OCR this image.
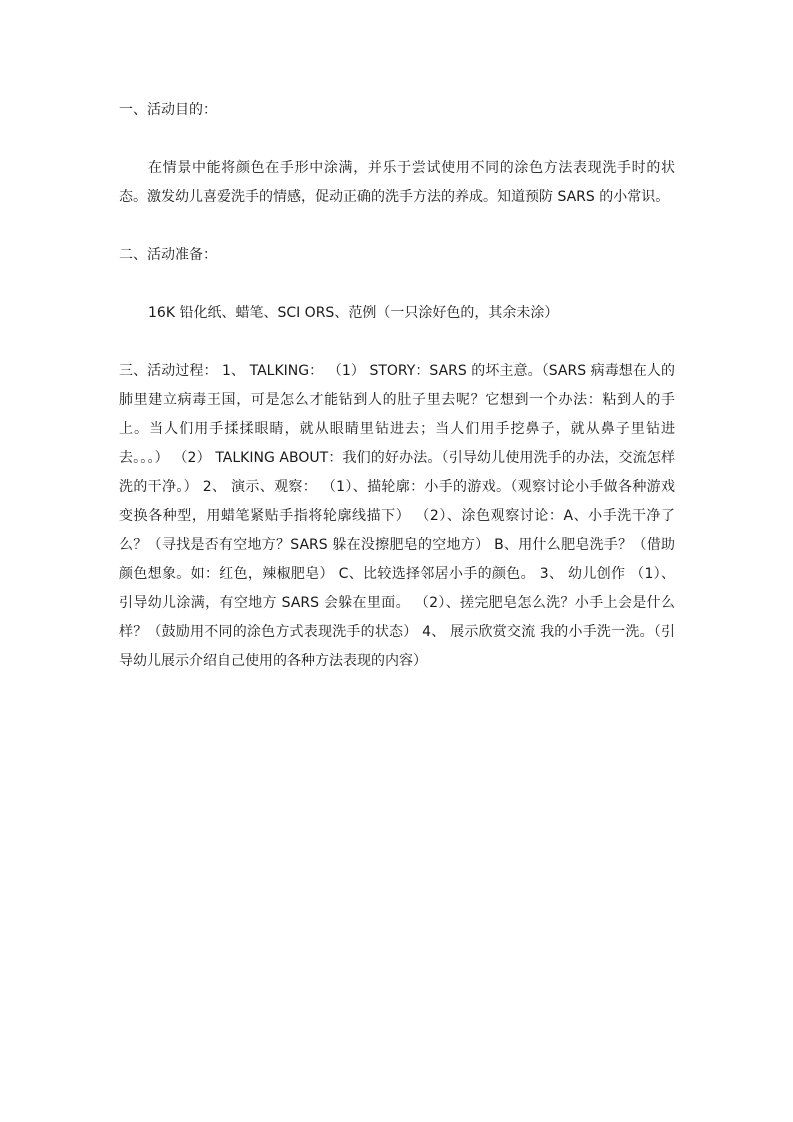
一、活动目的：

在情景中能将颜色在手形中涂满，并乐于尝试使用不同的涂色方法表现洗手时的状态。激发幼儿喜爱洗手的情感，促动正确的洗手方法的养成。知道预防 SARS 的小常识。

二、活动准备：

16K 铅化纸、蜡笔、SCI ORS、范例（一只涂好色的，其余未涂）

三、活动过程： 1、 TALKING： （1） STORY：SARS 的坏主意。（SARS 病毒想在人的肺里建立病毒王国，可是怎么才能钻到人的肚子里去呢？它想到一个办法：粘到人的手上。当人们用手揉揉眼睛，就从眼睛里钻进去；当人们用手挖鼻子，就从鼻子里钻进去。。。） （2） TALKING ABOUT：我们的好办法。（引导幼儿使用洗手的办法，交流怎样洗的干净。） 2、 演示、观察： （1）、描轮廓：小手的游戏。（观察讨论小手做各种游戏变换各种型，用蜡笔紧贴手指将轮廓线描下） （2）、涂色观察讨论：A、小手洗干净了么？（寻找是否有空地方？SARS 躲在没擦肥皂的空地方） B、用什么肥皂洗手？（借助颜色想象。如：红色，辣椒肥皂） C、比较选择邻居小手的颜色。 3、 幼儿创作 （1）、引导幼儿涂满，有空地方 SARS 会躲在里面。 （2）、搓完肥皂怎么洗？小手上会是什么样？（鼓励用不同的涂色方式表现洗手的状态） 4、 展示欣赏交流 我的小手洗一洗。（引导幼儿展示介绍自己使用的各种方法表现的内容）
